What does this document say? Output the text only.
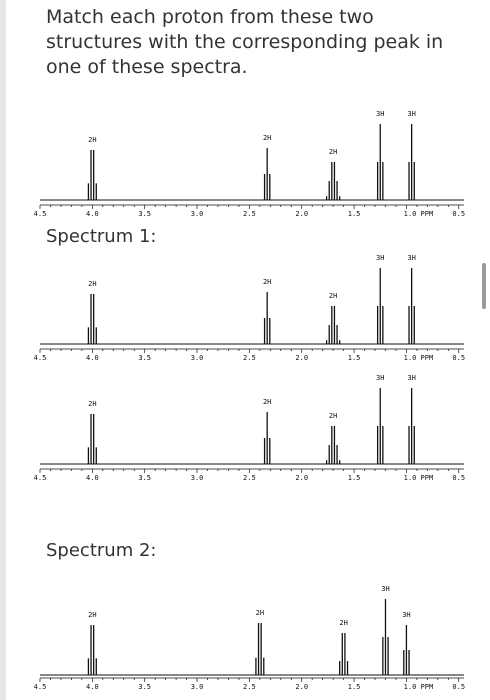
Match each proton from these two structures with the corresponding peak in one of these spectra.
4.5	4.0	3.5	3.0	2.5	2.0	1.5	1.0 PPM	0.5
2H	2H
2H
3H	3H
Spectrum 1:
4.5	4.0	3.5	3.0	2.5	2.0	1.5	1.0 PPM	0.5
2H	2H
2H
3H	3H
4.5	4.0	3.5	3.0	2.5	2.0	1.5	1.0 PPM	0.5
2H	2H
2H
3H	3H
Spectrum 2:
4.5	4.0	3.5	3.0	2.5	2.0	1.5	1.0 PPM	0.5
2H	2H
2H
3H
3H
